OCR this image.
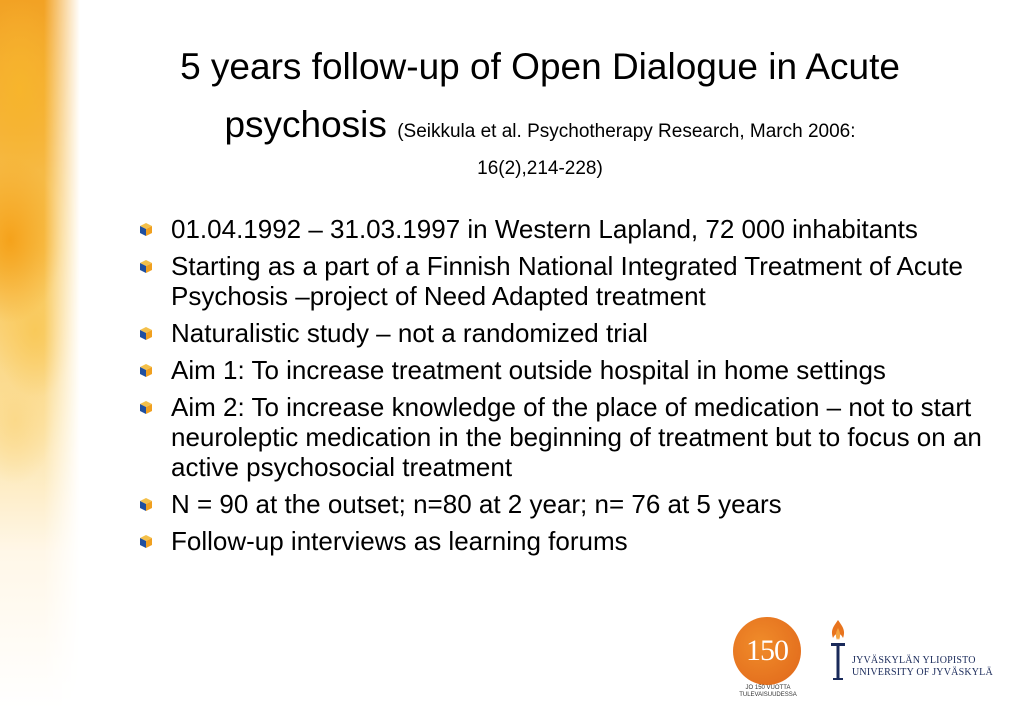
5 years follow-up of Open Dialogue in Acute
psychosis (Seikkula et al. Psychotherapy Research, March 2006:
16(2),214-228)
01.04.1992 – 31.03.1997 in Western Lapland, 72 000 inhabitants
Starting as a part of a Finnish National Integrated Treatment of Acute Psychosis –project of Need Adapted treatment
Naturalistic study – not a randomized trial
Aim 1: To increase treatment outside hospital in home settings
Aim 2: To increase knowledge of the place of medication – not to start neuroleptic medication in the beginning of treatment but to focus on an active psychosocial treatment
N = 90 at the outset; n=80 at 2 year; n= 76 at 5 years
Follow-up interviews as learning forums
150
JO 150 VUOTTA
TULEVAISUUDESSA
JYVÄSKYLÄN YLIOPISTO
UNIVERSITY OF JYVÄSKYLÄ
